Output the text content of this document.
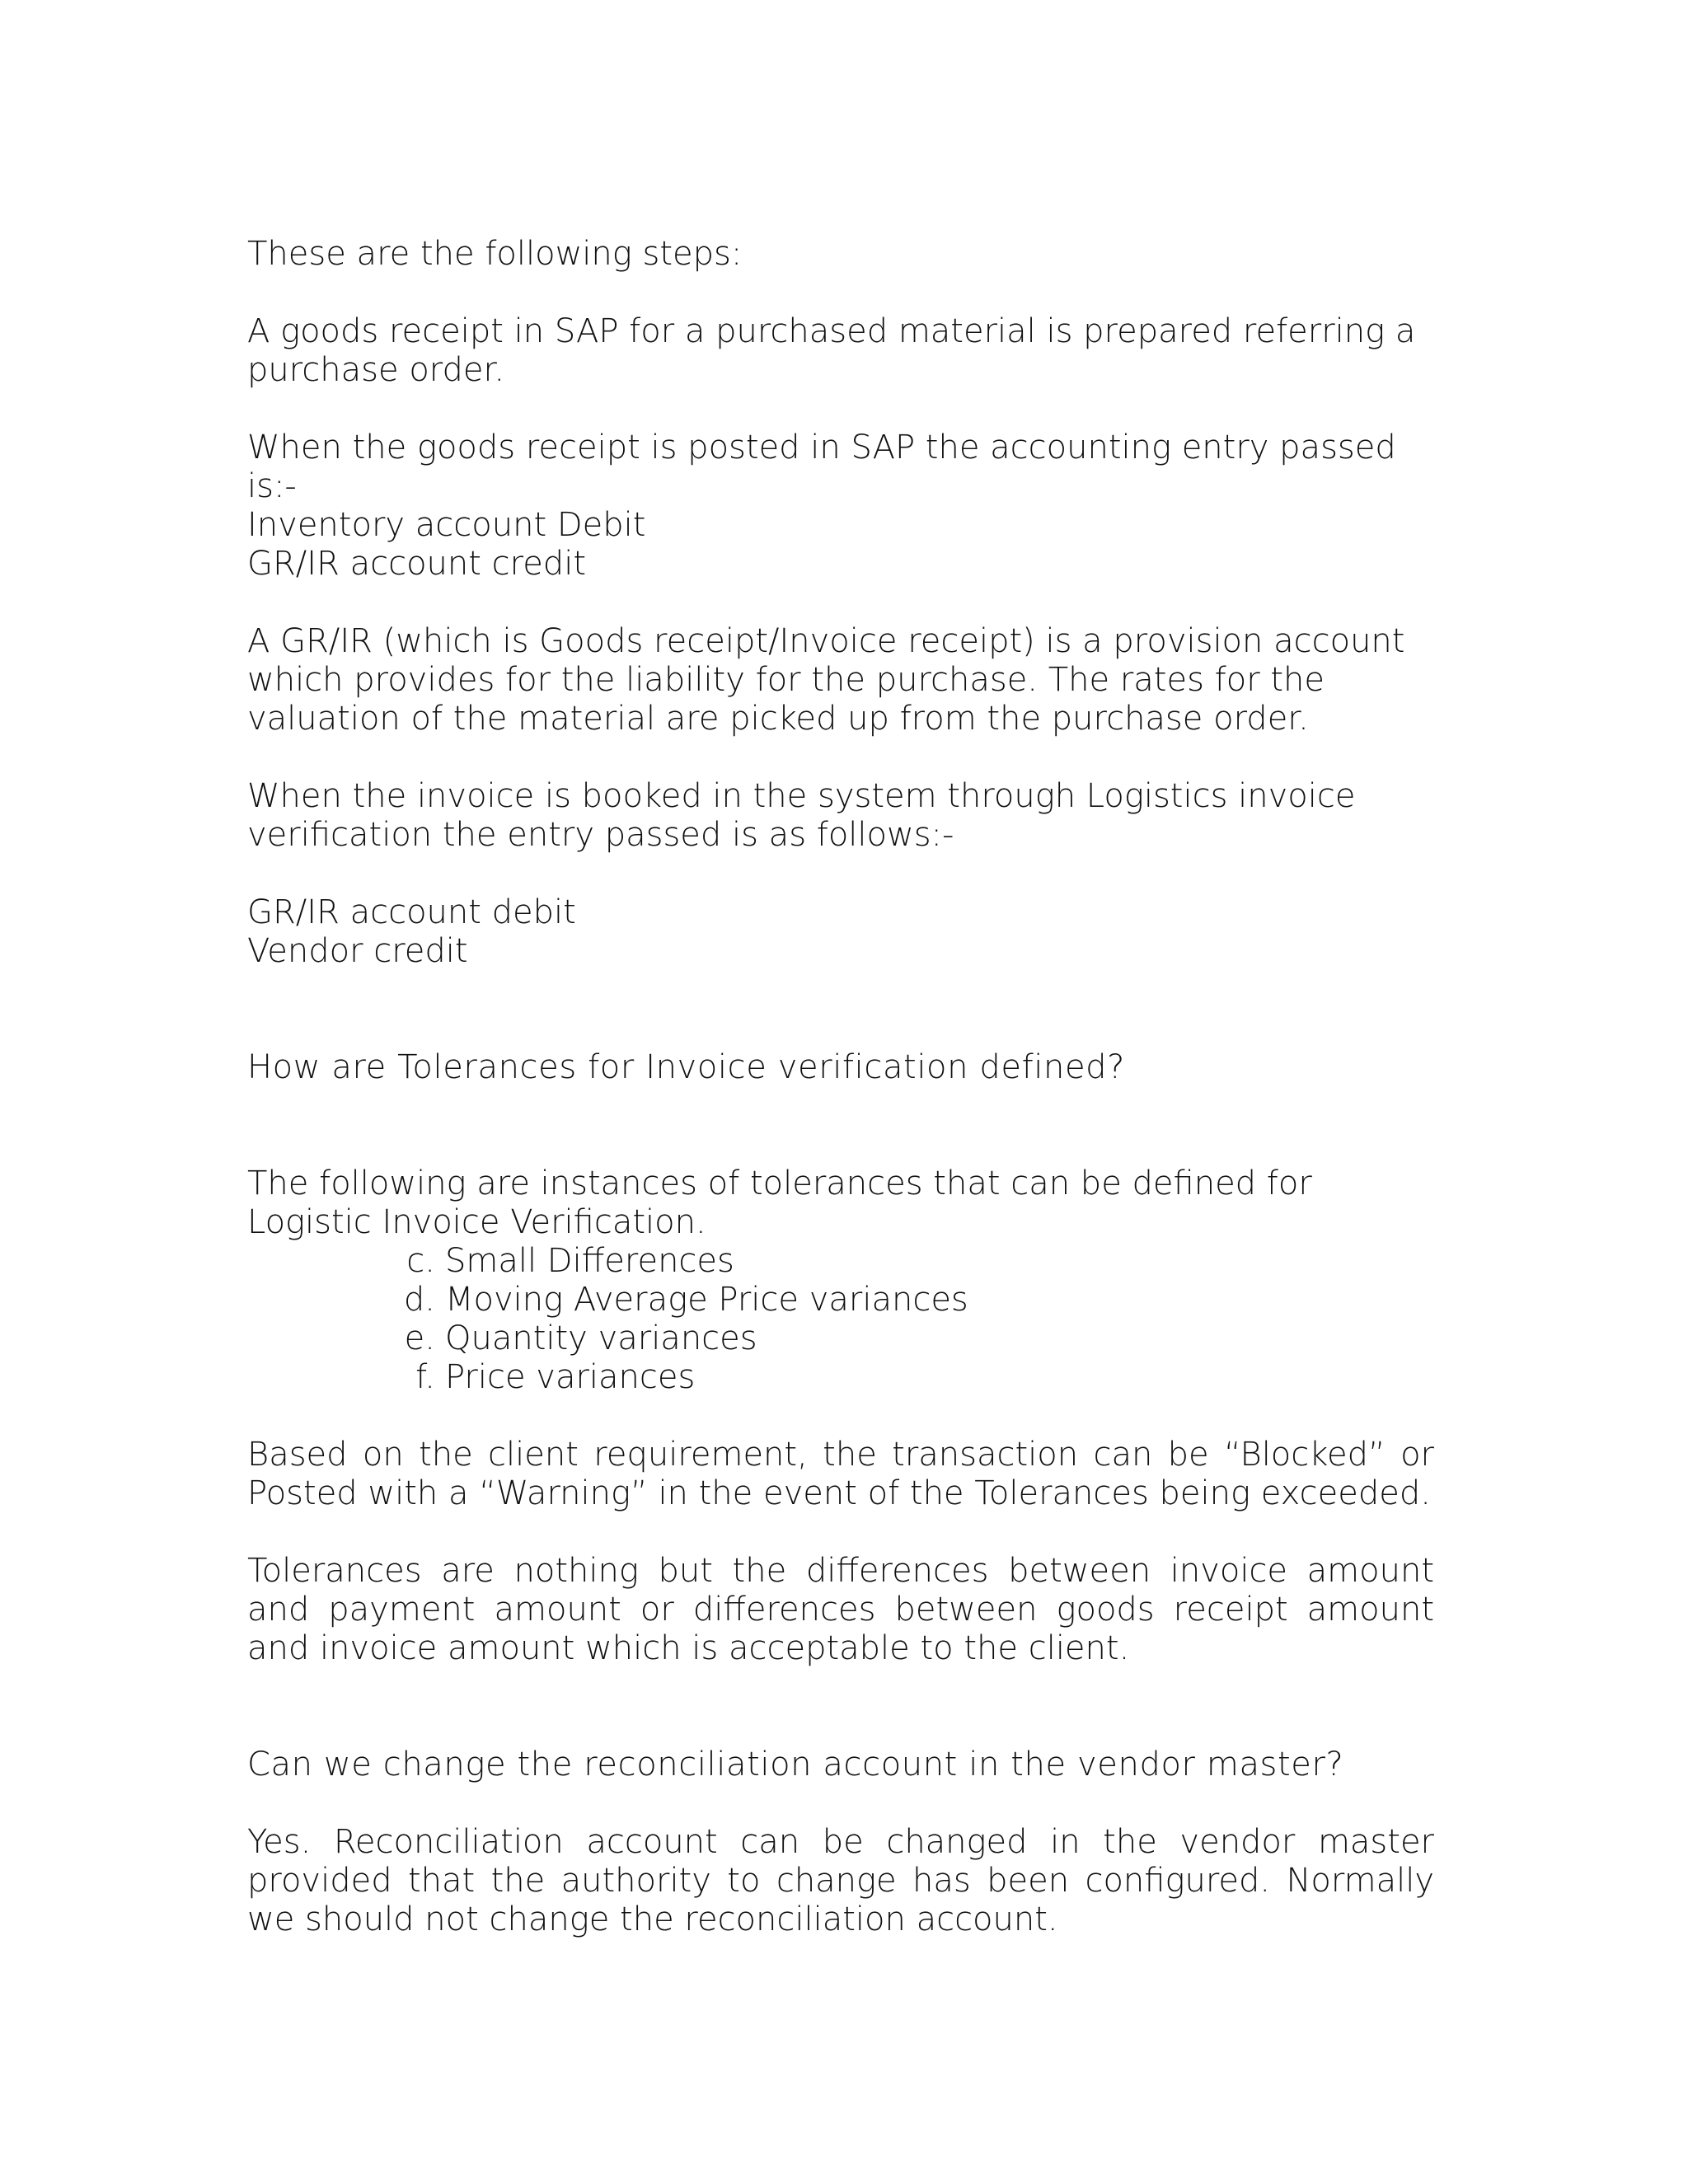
These are the following steps:

A goods receipt in SAP for a purchased material is prepared referring a purchase order.

When the goods receipt is posted in SAP the accounting entry passed is:-
Inventory account Debit
GR/IR account credit

A GR/IR (which is Goods receipt/Invoice receipt) is a provision account which provides for the liability for the purchase. The rates for the valuation of the material are picked up from the purchase order.

When the invoice is booked in the system through Logistics invoice verification the entry passed is as follows:-

GR/IR account debit
Vendor credit

How are Tolerances for Invoice verification defined?

The following are instances of tolerances that can be defined for Logistic Invoice Verification.

c. Small Differences
d. Moving Average Price variances
e. Quantity variances
f. Price variances

Based on the client requirement, the transaction can be “Blocked” or Posted with a “Warning” in the event of the Tolerances being exceeded.

Tolerances are nothing but the differences between invoice amount and payment amount or differences between goods receipt amount and invoice amount which is acceptable to the client.

Can we change the reconciliation account in the vendor master?

Yes. Reconciliation account can be changed in the vendor master provided that the authority to change has been configured. Normally we should not change the reconciliation account.
